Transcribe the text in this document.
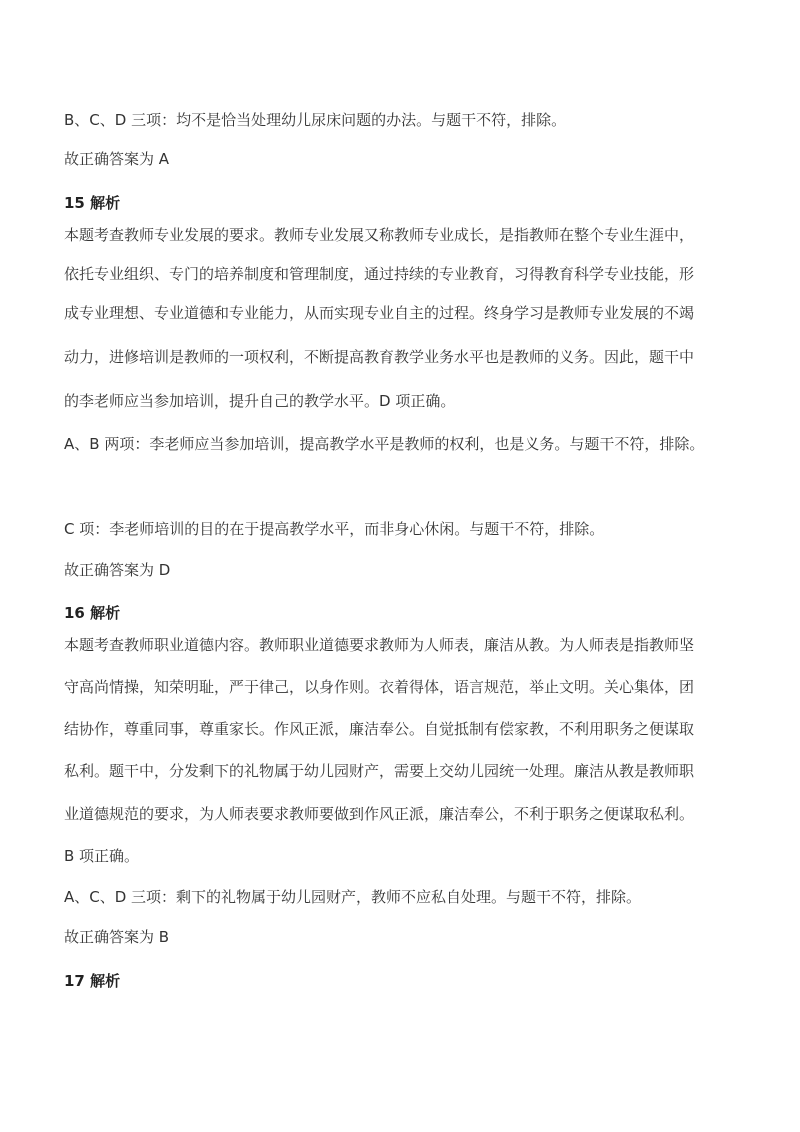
B、C、D 三项：均不是恰当处理幼儿尿床问题的办法。与题干不符，排除。
故正确答案为 A
15 解析
本题考查教师专业发展的要求。教师专业发展又称教师专业成长，是指教师在整个专业生涯中，
依托专业组织、专门的培养制度和管理制度，通过持续的专业教育，习得教育科学专业技能，形
成专业理想、专业道德和专业能力，从而实现专业自主的过程。终身学习是教师专业发展的不竭
动力，进修培训是教师的一项权利，不断提高教育教学业务水平也是教师的义务。因此，题干中
的李老师应当参加培训，提升自己的教学水平。D 项正确。
A、B 两项：李老师应当参加培训，提高教学水平是教师的权利，也是义务。与题干不符，排除。
C 项：李老师培训的目的在于提高教学水平，而非身心休闲。与题干不符，排除。
故正确答案为 D
16 解析
本题考查教师职业道德内容。教师职业道德要求教师为人师表，廉洁从教。为人师表是指教师坚
守高尚情操，知荣明耻，严于律己，以身作则。衣着得体，语言规范，举止文明。关心集体，团
结协作，尊重同事，尊重家长。作风正派，廉洁奉公。自觉抵制有偿家教，不利用职务之便谋取
私利。题干中，分发剩下的礼物属于幼儿园财产，需要上交幼儿园统一处理。廉洁从教是教师职
业道德规范的要求，为人师表要求教师要做到作风正派，廉洁奉公，不利于职务之便谋取私利。
B 项正确。
A、C、D 三项：剩下的礼物属于幼儿园财产，教师不应私自处理。与题干不符，排除。
故正确答案为 B
17 解析
